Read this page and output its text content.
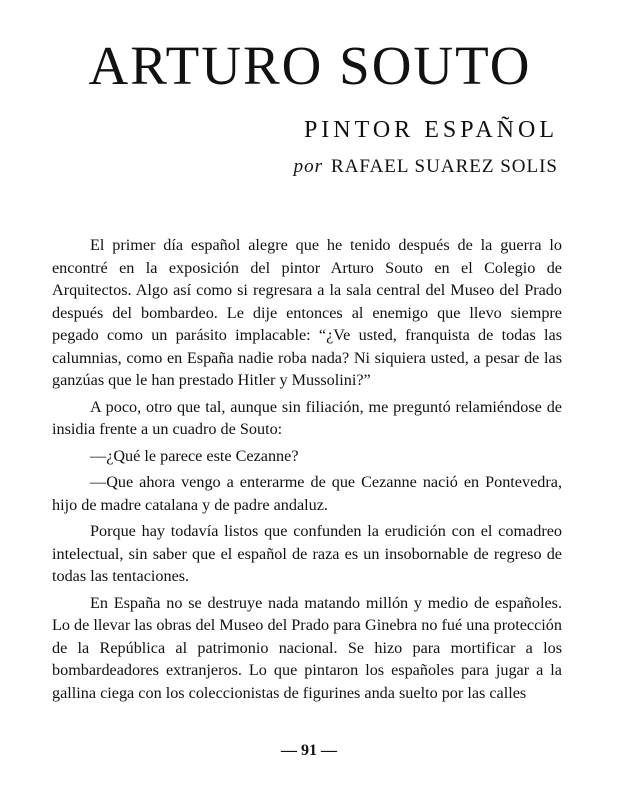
ARTURO SOUTO
PINTOR ESPAÑOL
por RAFAEL SUAREZ SOLIS

El primer día español alegre que he tenido después de la guerra lo encontré en la exposición del pintor Arturo Souto en el Colegio de Arquitectos. Algo así como si regresara a la sala central del Museo del Prado después del bombardeo. Le dije entonces al enemigo que llevo siempre pegado como un parásito implacable: “¿Ve usted, franquista de todas las calumnias, como en España nadie roba nada? Ni siquiera usted, a pesar de las ganzúas que le han prestado Hitler y Mussolini?”

A poco, otro que tal, aunque sin filiación, me preguntó relamiéndose de insidia frente a un cuadro de Souto:

—¿Qué le parece este Cezanne?

—Que ahora vengo a enterarme de que Cezanne nació en Pontevedra, hijo de madre catalana y de padre andaluz.

Porque hay todavía listos que confunden la erudición con el comadreo intelectual, sin saber que el español de raza es un insobornable de regreso de todas las tentaciones.

En España no se destruye nada matando millón y medio de españoles. Lo de llevar las obras del Museo del Prado para Ginebra no fué una protección de la República al patrimonio nacional. Se hizo para mortificar a los bombardeadores extranjeros. Lo que pintaron los españoles para jugar a la gallina ciega con los coleccionistas de figurines anda suelto por las calles

— 91 —
